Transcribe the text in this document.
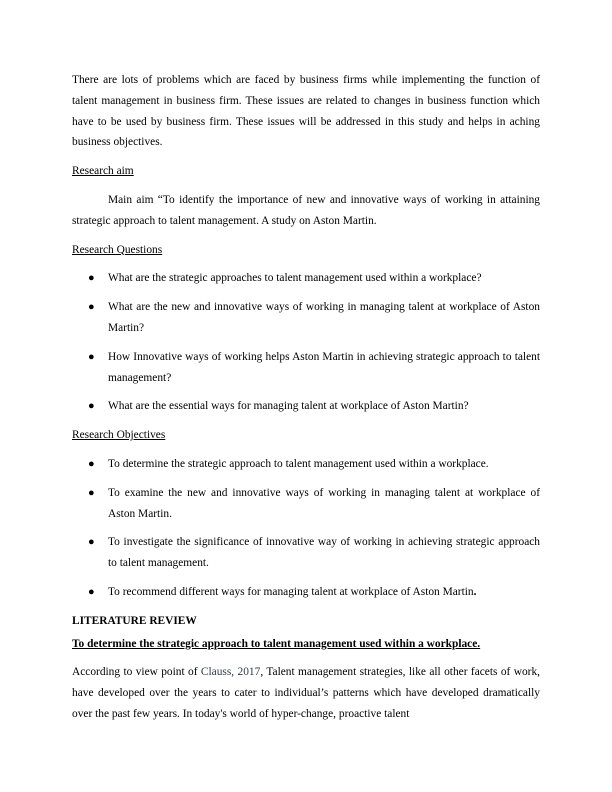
There are lots of problems which are faced by business firms while implementing the function of talent management in business firm. These issues are related to changes in business function which have to be used by business firm. These issues will be addressed in this study and helps in aching business objectives.

Research aim

Main aim “To identify the importance of new and innovative ways of working in attaining strategic approach to talent management. A study on Aston Martin.

Research Questions

● What are the strategic approaches to talent management used within a workplace?
● What are the new and innovative ways of working in managing talent at workplace of Aston Martin?
● How Innovative ways of working helps Aston Martin in achieving strategic approach to talent management?
● What are the essential ways for managing talent at workplace of Aston Martin?

Research Objectives

● To determine the strategic approach to talent management used within a workplace.
● To examine the new and innovative ways of working in managing talent at workplace of Aston Martin.
● To investigate the significance of innovative way of working in achieving strategic approach to talent management.
● To recommend different ways for managing talent at workplace of Aston Martin.

LITERATURE REVIEW

To determine the strategic approach to talent management used within a workplace.

According to view point of Clauss, 2017, Talent management strategies, like all other facets of work, have developed over the years to cater to individual’s patterns which have developed dramatically over the past few years. In today's world of hyper-change, proactive talent
